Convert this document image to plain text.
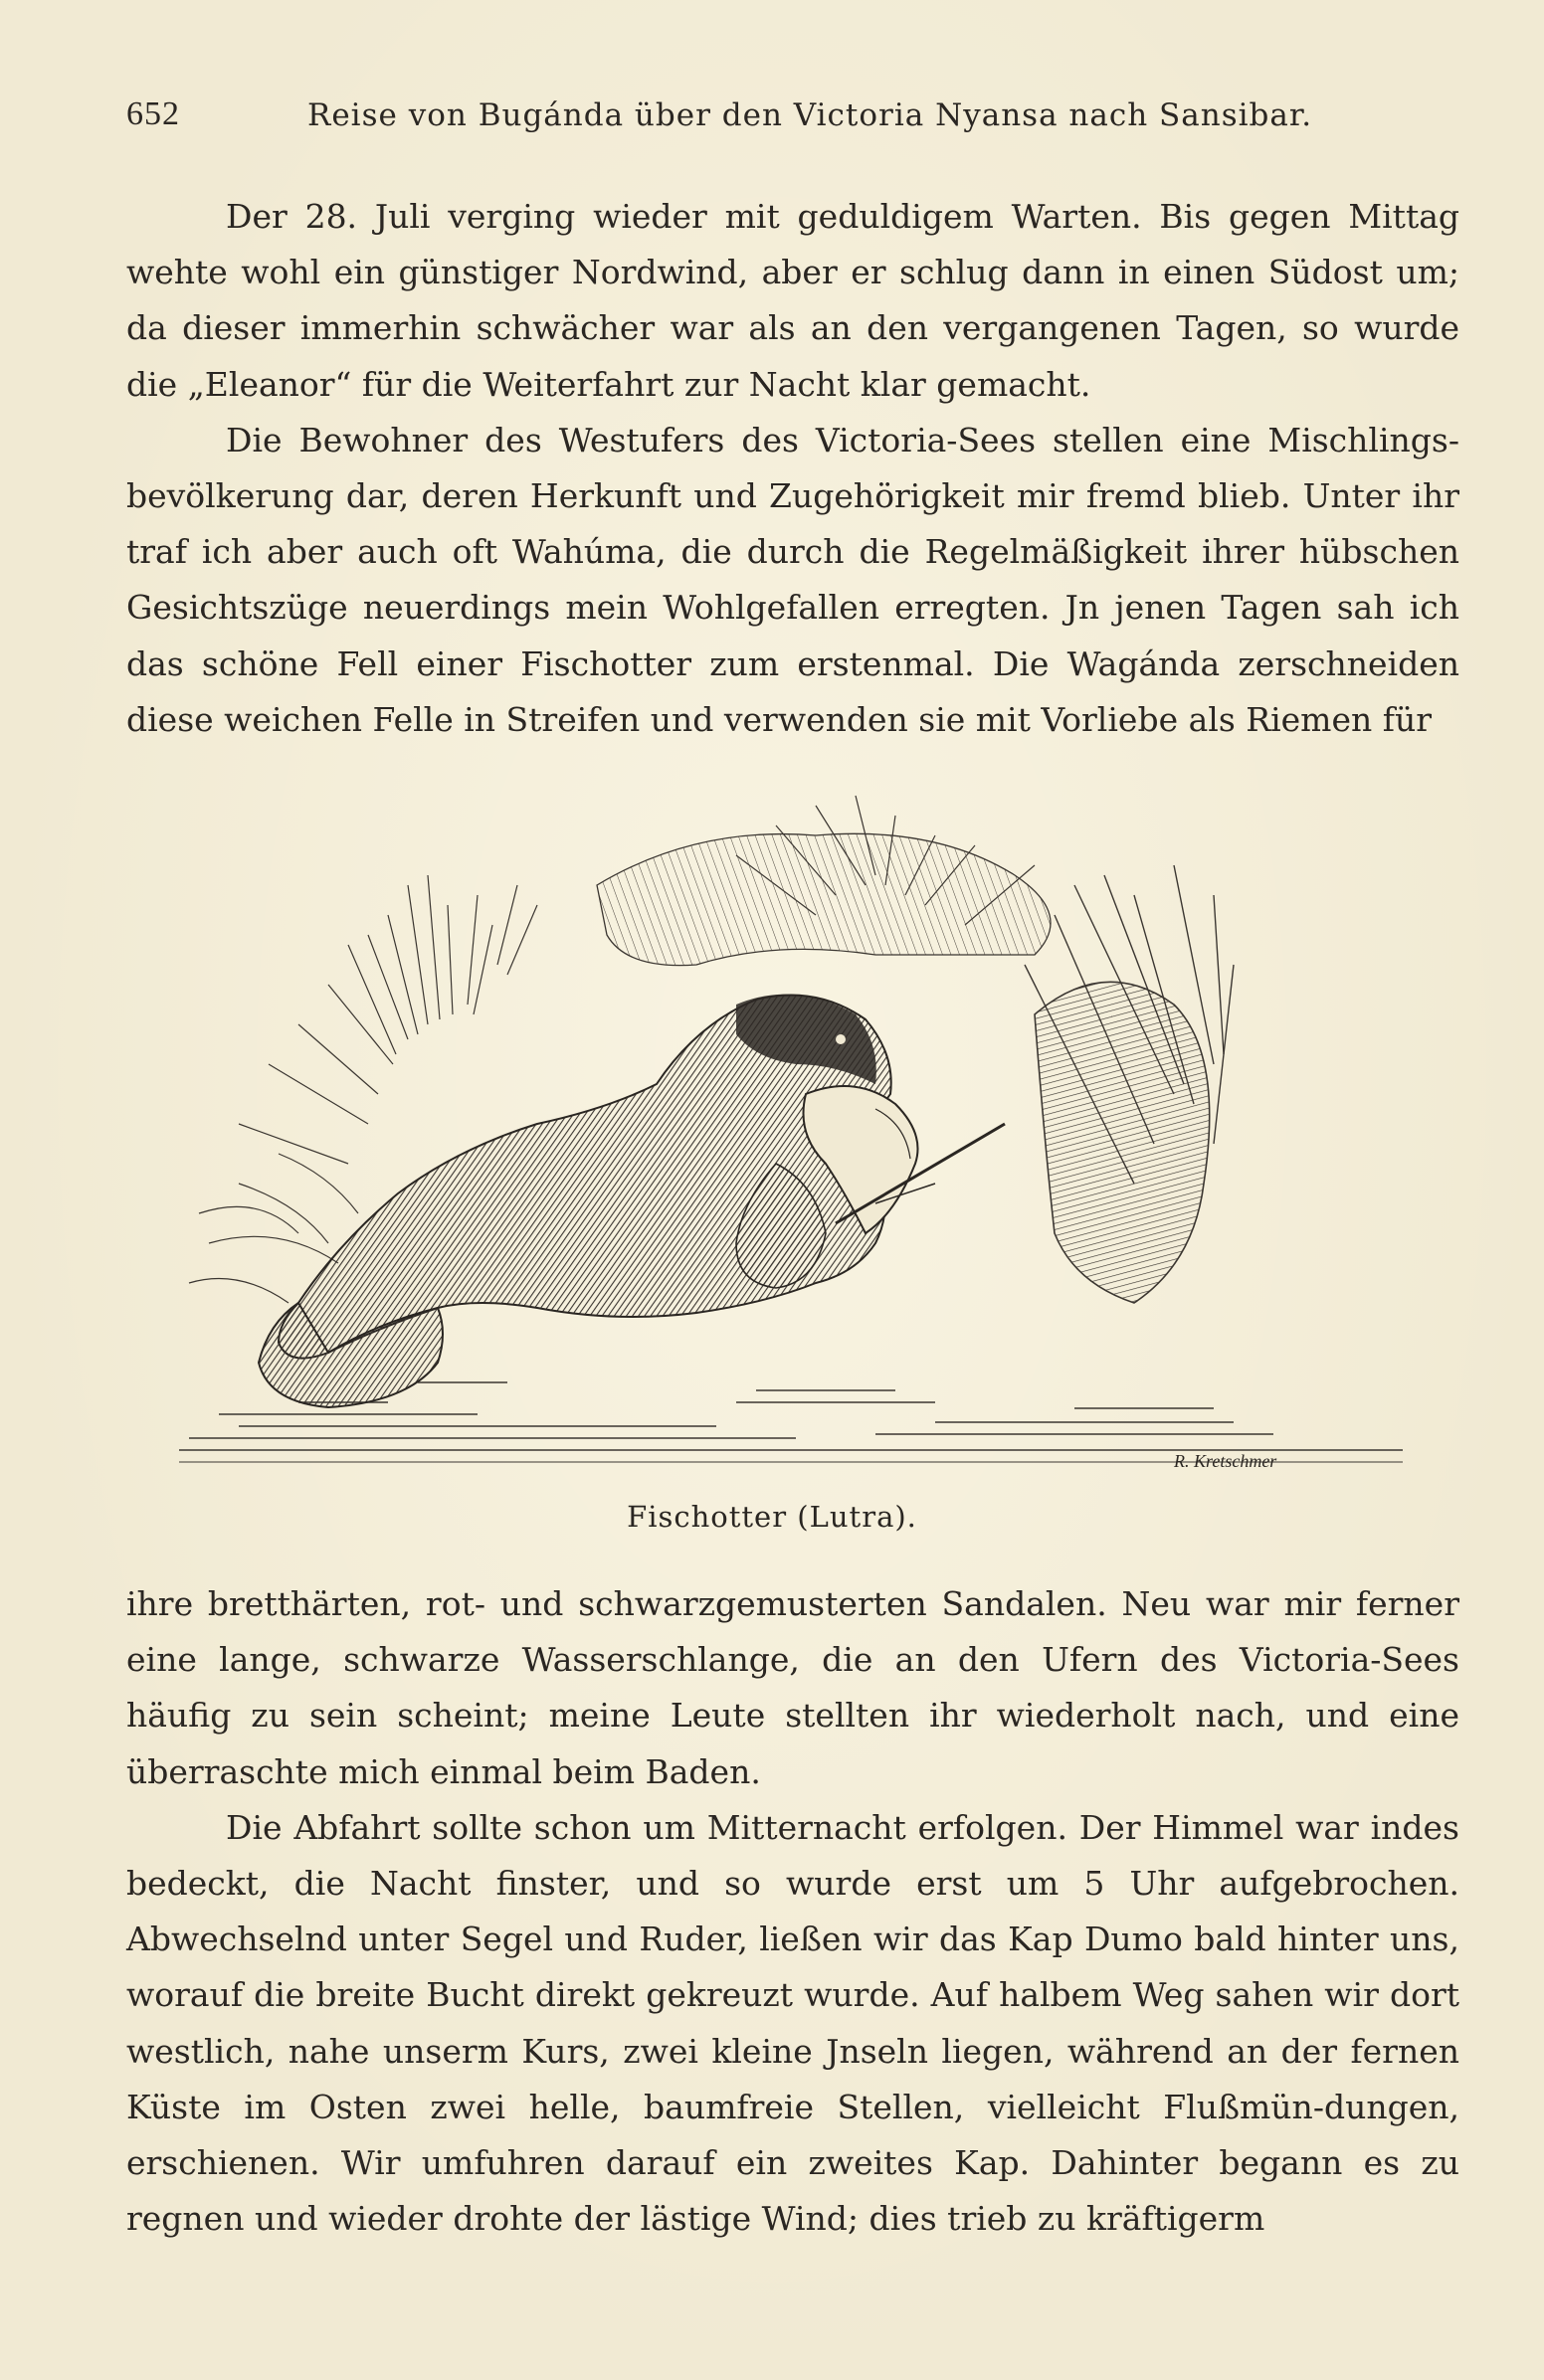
652	Reise von Bugánda über den Victoria Nyansa nach Sansibar.

Der 28. Juli verging wieder mit geduldigem Warten. Bis gegen Mittag wehte wohl ein günstiger Nordwind, aber er schlug dann in einen Südost um; da dieser immerhin schwächer war als an den vergangenen Tagen, so wurde die „Eleanor“ für die Weiterfahrt zur Nacht klar gemacht.

Die Bewohner des Westufers des Victoria-Sees stellen eine Mischlings-bevölkerung dar, deren Herkunft und Zugehörigkeit mir fremd blieb. Unter ihr traf ich aber auch oft Wahúma, die durch die Regelmäßigkeit ihrer hübschen Gesichtszüge neuerdings mein Wohlgefallen erregten. Jn jenen Tagen sah ich das schöne Fell einer Fischotter zum erstenmal. Die Wagánda zerschneiden diese weichen Felle in Streifen und verwenden sie mit Vorliebe als Riemen für

R. Kretschmer
Fischotter (Lutra).

ihre bretthärten, rot- und schwarzgemusterten Sandalen. Neu war mir ferner eine lange, schwarze Wasserschlange, die an den Ufern des Victoria-Sees häufig zu sein scheint; meine Leute stellten ihr wiederholt nach, und eine überraschte mich einmal beim Baden.

Die Abfahrt sollte schon um Mitternacht erfolgen. Der Himmel war indes bedeckt, die Nacht finster, und so wurde erst um 5 Uhr aufgebrochen. Abwechselnd unter Segel und Ruder, ließen wir das Kap Dumo bald hinter uns, worauf die breite Bucht direkt gekreuzt wurde. Auf halbem Weg sahen wir dort westlich, nahe unserm Kurs, zwei kleine Jnseln liegen, während an der fernen Küste im Osten zwei helle, baumfreie Stellen, vielleicht Flußmün-dungen, erschienen. Wir umfuhren darauf ein zweites Kap. Dahinter begann es zu regnen und wieder drohte der lästige Wind; dies trieb zu kräftigerm
